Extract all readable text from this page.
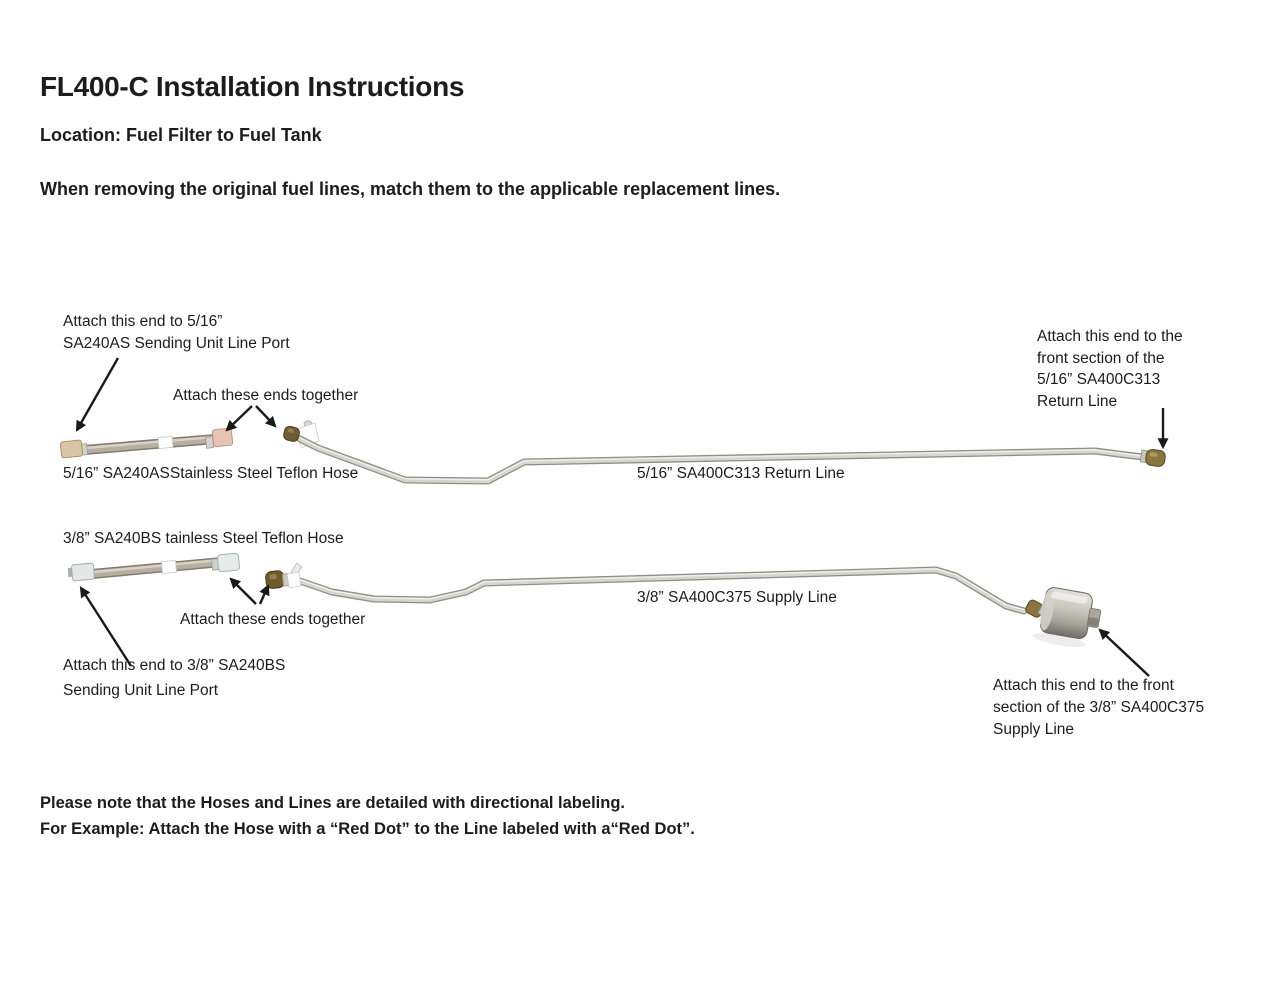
FL400-C Installation Instructions
Location: Fuel Filter to Fuel Tank
When removing the original fuel lines, match them to the applicable replacement lines.
Attach this end to 5/16”
SA240AS Sending Unit Line Port
Attach these ends together
5/16” SA240ASStainless Steel Teflon Hose	5/16” SA400C313 Return Line
Attach this end to the
front section of the
5/16” SA400C313
Return Line
3/8” SA240BS tainless Steel Teflon Hose
3/8” SA400C375 Supply Line
Attach these ends together
Attach this end to 3/8” SA240BS
Sending Unit Line Port	Attach this end to the front
section of the 3/8” SA400C375
Supply Line
Please note that the Hoses and Lines are detailed with directional labeling.
For Example: Attach the Hose with a “Red Dot” to the Line labeled with a“Red Dot”.
